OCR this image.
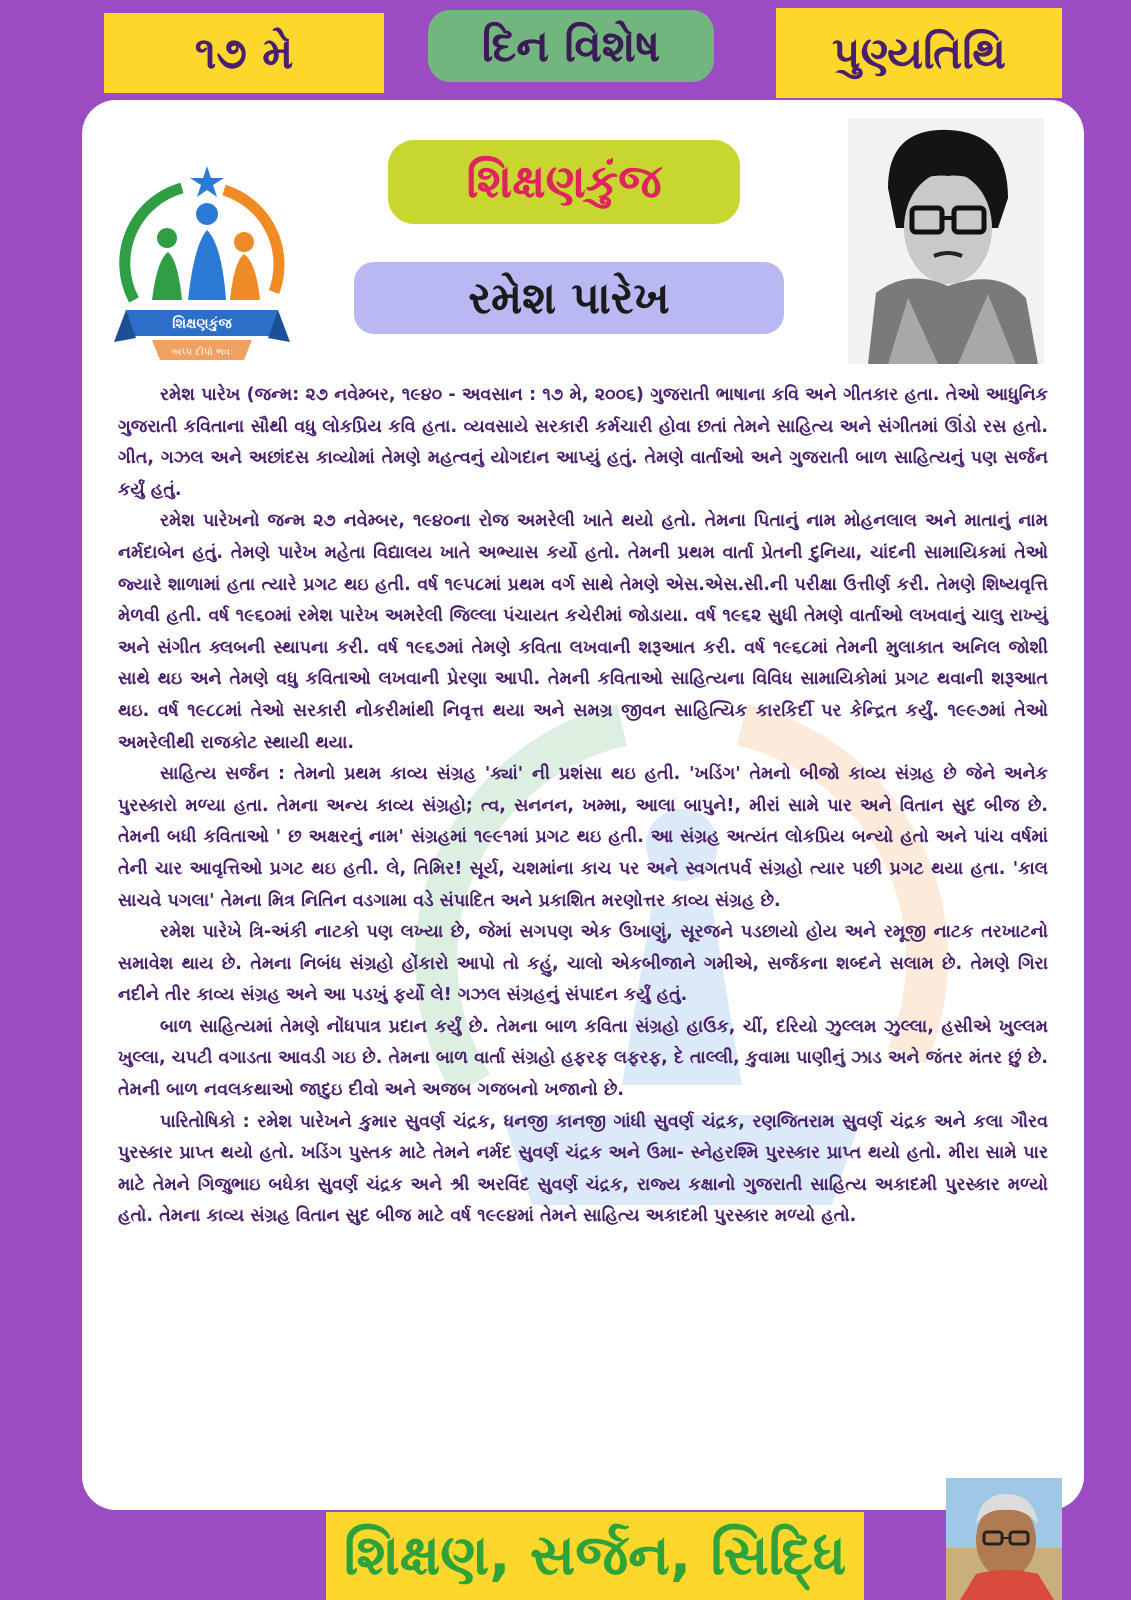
૧૭ મે	દિન વિશેષ	પુણ્યતિથિ
શિક્ષણકુંજ
અપ્પ દીપો ભવઃ
શિક્ષણકુંજ
રમેશ પારેખ

રમેશ પારેખ (જન્મ: ૨૭ નવેમ્બર, ૧૯૪૦ - અવસાન : ૧૭ મે, ૨૦૦૬) ગુજરાતી ભાષાના કવિ અને ગીતકાર હતા. તેઓ આધુનિક ગુજરાતી કવિતાના સૌથી વધુ લોકપ્રિય કવિ હતા. વ્યવસાયે સરકારી કર્મચારી હોવા છતાં તેમને સાહિત્ય અને સંગીતમાં ઊંડો રસ હતો. ગીત, ગઝલ અને અછાંદસ કાવ્યોમાં તેમણે મહત્વનું યોગદાન આપ્યું હતું. તેમણે વાર્તાઓ અને ગુજરાતી બાળ સાહિત્યનું પણ સર્જન કર્યું હતું.

રમેશ પારેખનો જન્મ ૨૭ નવેમ્બર, ૧૯૪૦ના રોજ અમરેલી ખાતે થયો હતો. તેમના પિતાનું નામ મોહનલાલ અને માતાનું નામ નર્મદાબેન હતું. તેમણે પારેખ મહેતા વિદ્યાલય ખાતે અભ્યાસ કર્યો હતો. તેમની પ્રથમ વાર્તા પ્રેતની દુનિયા, ચાંદની સામાયિકમાં તેઓ જ્યારે શાળામાં હતા ત્યારે પ્રગટ થઇ હતી. વર્ષ ૧૯૫૮માં પ્રથમ વર્ગ સાથે તેમણે એસ.એસ.સી.ની પરીક્ષા ઉત્તીર્ણ કરી. તેમણે શિષ્યવૃત્તિ મેળવી હતી. વર્ષ ૧૯૬૦માં રમેશ પારેખ અમરેલી જિલ્લા પંચાયત કચેરીમાં જોડાયા. વર્ષ ૧૯૬૨ સુધી તેમણે વાર્તાઓ લખવાનું ચાલુ રાખ્યું અને સંગીત ક્લબની સ્થાપના કરી. વર્ષ ૧૯૬૭માં તેમણે કવિતા લખવાની શરૂઆત કરી. વર્ષ ૧૯૬૮માં તેમની મુલાકાત અનિલ જોશી સાથે થઇ અને તેમણે વધુ કવિતાઓ લખવાની પ્રેરણા આપી. તેમની કવિતાઓ સાહિત્યના વિવિધ સામાયિકોમાં પ્રગટ થવાની શરૂઆત થઇ. વર્ષ ૧૯૮૮માં તેઓ સરકારી નોકરીમાંથી નિવૃત્ત થયા અને સમગ્ર જીવન સાહિત્યિક કારકિર્દી પર કેન્દ્રિત કર્યું. ૧૯૯૭માં તેઓ અમરેલીથી રાજકોટ સ્થાયી થયા.

સાહિત્ય સર્જન : તેમનો પ્રથમ કાવ્ય સંગ્રહ 'ક્યાં' ની પ્રશંસા થઇ હતી. 'ખડિંગ' તેમનો બીજો કાવ્ય સંગ્રહ છે જેને અનેક પુરસ્કારો મળ્યા હતા. તેમના અન્ય કાવ્ય સંગ્રહો; ત્વ, સનનન, ખમ્મા, આલા બાપુને!, મીરાં સામે પાર અને વિતાન સુદ બીજ છે. તેમની બધી કવિતાઓ ' છ અક્ષરનું નામ' સંગ્રહમાં ૧૯૯૧માં પ્રગટ થઇ હતી. આ સંગ્રહ અત્યંત લોકપ્રિય બન્યો હતો અને પાંચ વર્ષમાં તેની ચાર આવૃત્તિઓ પ્રગટ થઇ હતી. લે, તિમિર! સૂર્ય, ચશમાંના કાચ પર અને સ્વગતપર્વ સંગ્રહો ત્યાર પછી પ્રગટ થયા હતા. 'કાલ સાચવે પગલા' તેમના મિત્ર નિતિન વડગામા વડે સંપાદિત અને પ્રકાશિત મરણોત્તર કાવ્ય સંગ્રહ છે.

રમેશ પારેખે ત્રિ-અંકી નાટકો પણ લખ્યા છે, જેમાં સગપણ એક ઉખાણું, સૂરજને પડછાયો હોય અને રમૂજી નાટક તરખાટનો સમાવેશ થાય છે. તેમના નિબંધ સંગ્રહો હોંકારો આપો તો કહું, ચાલો એકબીજાને ગમીએ, સર્જકના શબ્દને સલામ છે. તેમણે ગિરા નદીને તીર કાવ્ય સંગ્રહ અને આ પડખું ફર્યો લે! ગઝલ સંગ્રહનું સંપાદન કર્યું હતું.

બાળ સાહિત્યમાં તેમણે નોંધપાત્ર પ્રદાન કર્યું છે. તેમના બાળ કવિતા સંગ્રહો હાઉક, ચીં, દરિયો ઝુલ્લમ ઝુલ્લા, હસીએ ખુલ્લમ ખુલ્લા, ચપટી વગાડતા આવડી ગઇ છે. તેમના બાળ વાર્તા સંગ્રહો હફરફ લફરફ, દે તાલ્લી, કુવામા પાણીનું ઝાડ અને જંતર મંતર છું છે. તેમની બાળ નવલકથાઓ જાદુઇ દીવો અને અજબ ગજબનો ખજાનો છે.

પારિતોષિકો : રમેશ પારેખને કુમાર સુવર્ણ ચંદ્રક, ધનજી કાનજી ગાંધી સુવર્ણ ચંદ્રક, રણજિતરામ સુવર્ણ ચંદ્રક અને કલા ગૌરવ પુરસ્કાર પ્રાપ્ત થયો હતો. ખડિંગ પુસ્તક માટે તેમને નર્મદ સુવર્ણ ચંદ્રક અને ઉમા- સ્નેહરશ્મિ પુરસ્કાર પ્રાપ્ત થયો હતો. મીરા સામે પાર માટે તેમને ગિજુભાઇ બધેકા સુવર્ણ ચંદ્રક અને શ્રી અરવિંદ સુવર્ણ ચંદ્રક, રાજ્ય કક્ષાનો ગુજરાતી સાહિત્ય અકાદમી પુરસ્કાર મળ્યો હતો. તેમના કાવ્ય સંગ્રહ વિતાન સુદ બીજ માટે વર્ષ ૧૯૯૪માં તેમને સાહિત્ય અકાદમી પુરસ્કાર મળ્યો હતો.

શિક્ષણ, સર્જન, સિદ્ધિ
